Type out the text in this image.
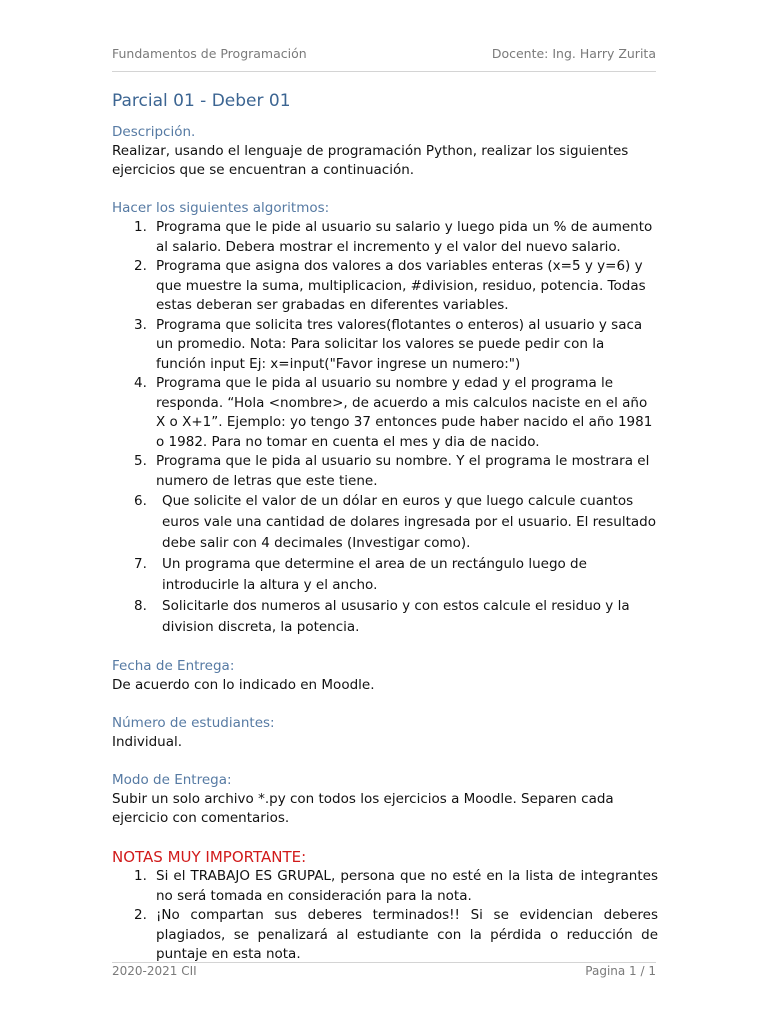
Fundamentos de Programación	Docente: Ing. Harry Zurita
Parcial 01 - Deber 01
Descripción.

Realizar, usando el lenguaje de programación Python, realizar los siguientes ejercicios que se encuentran a continuación.

Hacer los siguientes algoritmos:
1. Programa que le pide al usuario su salario y luego pida un % de aumento al salario. Debera mostrar el incremento y el valor del nuevo salario.
2. Programa que asigna dos valores a dos variables enteras (x=5 y y=6) y que muestre la suma, multiplicacion, #division, residuo, potencia. Todas estas deberan ser grabadas en diferentes variables.
3. Programa que solicita tres valores(flotantes o enteros) al usuario y saca un promedio. Nota: Para solicitar los valores se puede pedir con la función input Ej: x=input("Favor ingrese un numero:")
4. Programa que le pida al usuario su nombre y edad y el programa le responda. “Hola <nombre>, de acuerdo a mis calculos naciste en el año X o X+1”. Ejemplo: yo tengo 37 entonces pude haber nacido el año 1981 o 1982. Para no tomar en cuenta el mes y dia de nacido.
5. Programa que le pida al usuario su nombre. Y el programa le mostrara el numero de letras que este tiene.
6. Que solicite el valor de un dólar en euros y que luego calcule cuantos euros vale una cantidad de dolares ingresada por el usuario. El resultado debe salir con 4 decimales (Investigar como).
7. Un programa que determine el area de un rectángulo luego de introducirle la altura y el ancho.
8. Solicitarle dos numeros al ususario y con estos calcule el residuo y la division discreta, la potencia.
Fecha de Entrega:

De acuerdo con lo indicado en Moodle.

Número de estudiantes:

Individual.

Modo de Entrega:

Subir un solo archivo *.py con todos los ejercicios a Moodle. Separen cada ejercicio con comentarios.

NOTAS MUY IMPORTANTE:
1. Si el TRABAJO ES GRUPAL, persona que no esté en la lista de integrantes no será tomada en consideración para la nota.
2. ¡No compartan sus deberes terminados!! Si se evidencian deberes plagiados, se penalizará al estudiante con la pérdida o reducción de puntaje en esta nota.
2020-2021 CII	Pagina 1 / 1
